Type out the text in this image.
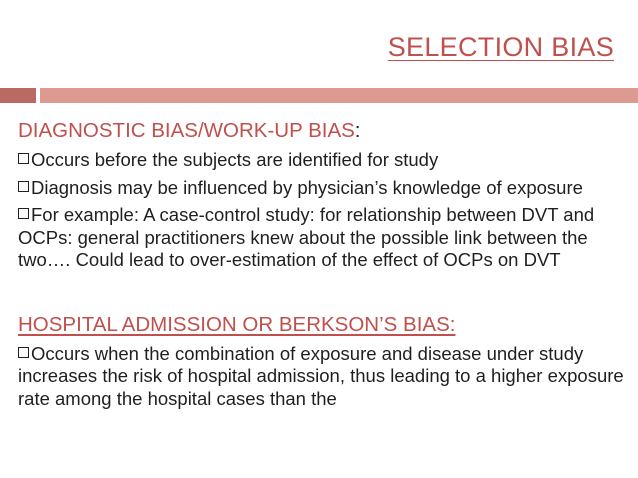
SELECTION BIAS
DIAGNOSTIC BIAS/WORK-UP BIAS:
Occurs before the subjects are identified for study
Diagnosis may be influenced by physician’s knowledge of exposure
For example: A case-control study: for relationship between DVT and OCPs: general practitioners knew about the possible link between the two…. Could lead to over-estimation of the effect of OCPs on DVT
HOSPITAL ADMISSION OR BERKSON’S BIAS:
Occurs when the combination of exposure and disease under study increases the risk of hospital admission, thus leading to a higher exposure rate among the hospital cases than the
